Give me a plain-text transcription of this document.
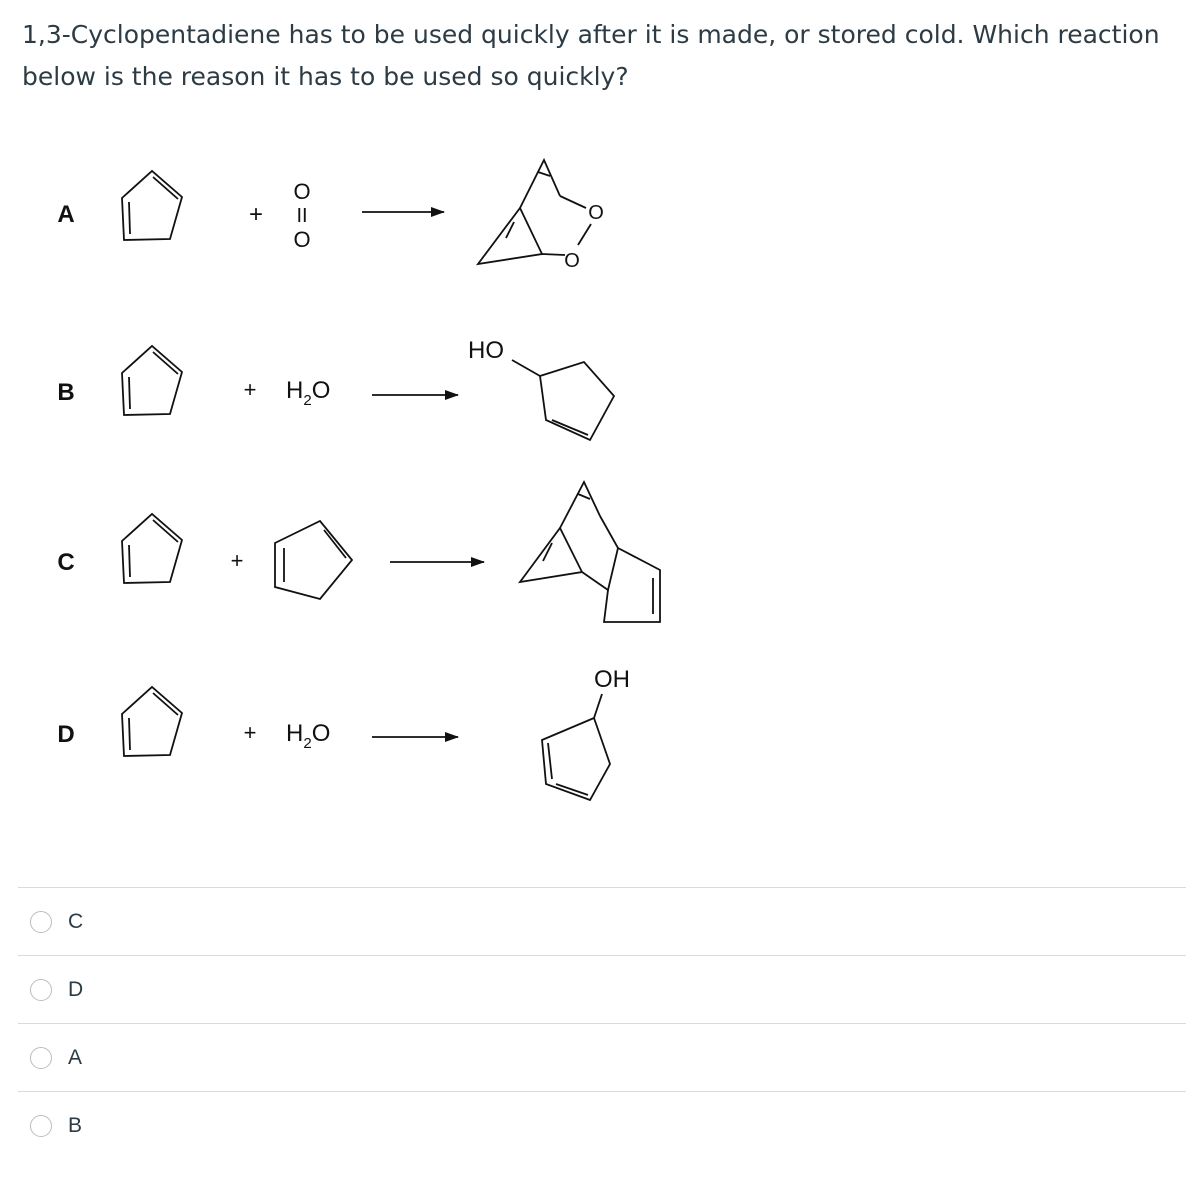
1,3-Cyclopentadiene has to be used quickly after it is made, or stored cold. Which reaction below is the reason it has to be used so quickly?
A	+
O
II
O
O
O
B	+ $H_2O$
HO
C	+
D	+ $H_2O$
OH
C
D
A
B
